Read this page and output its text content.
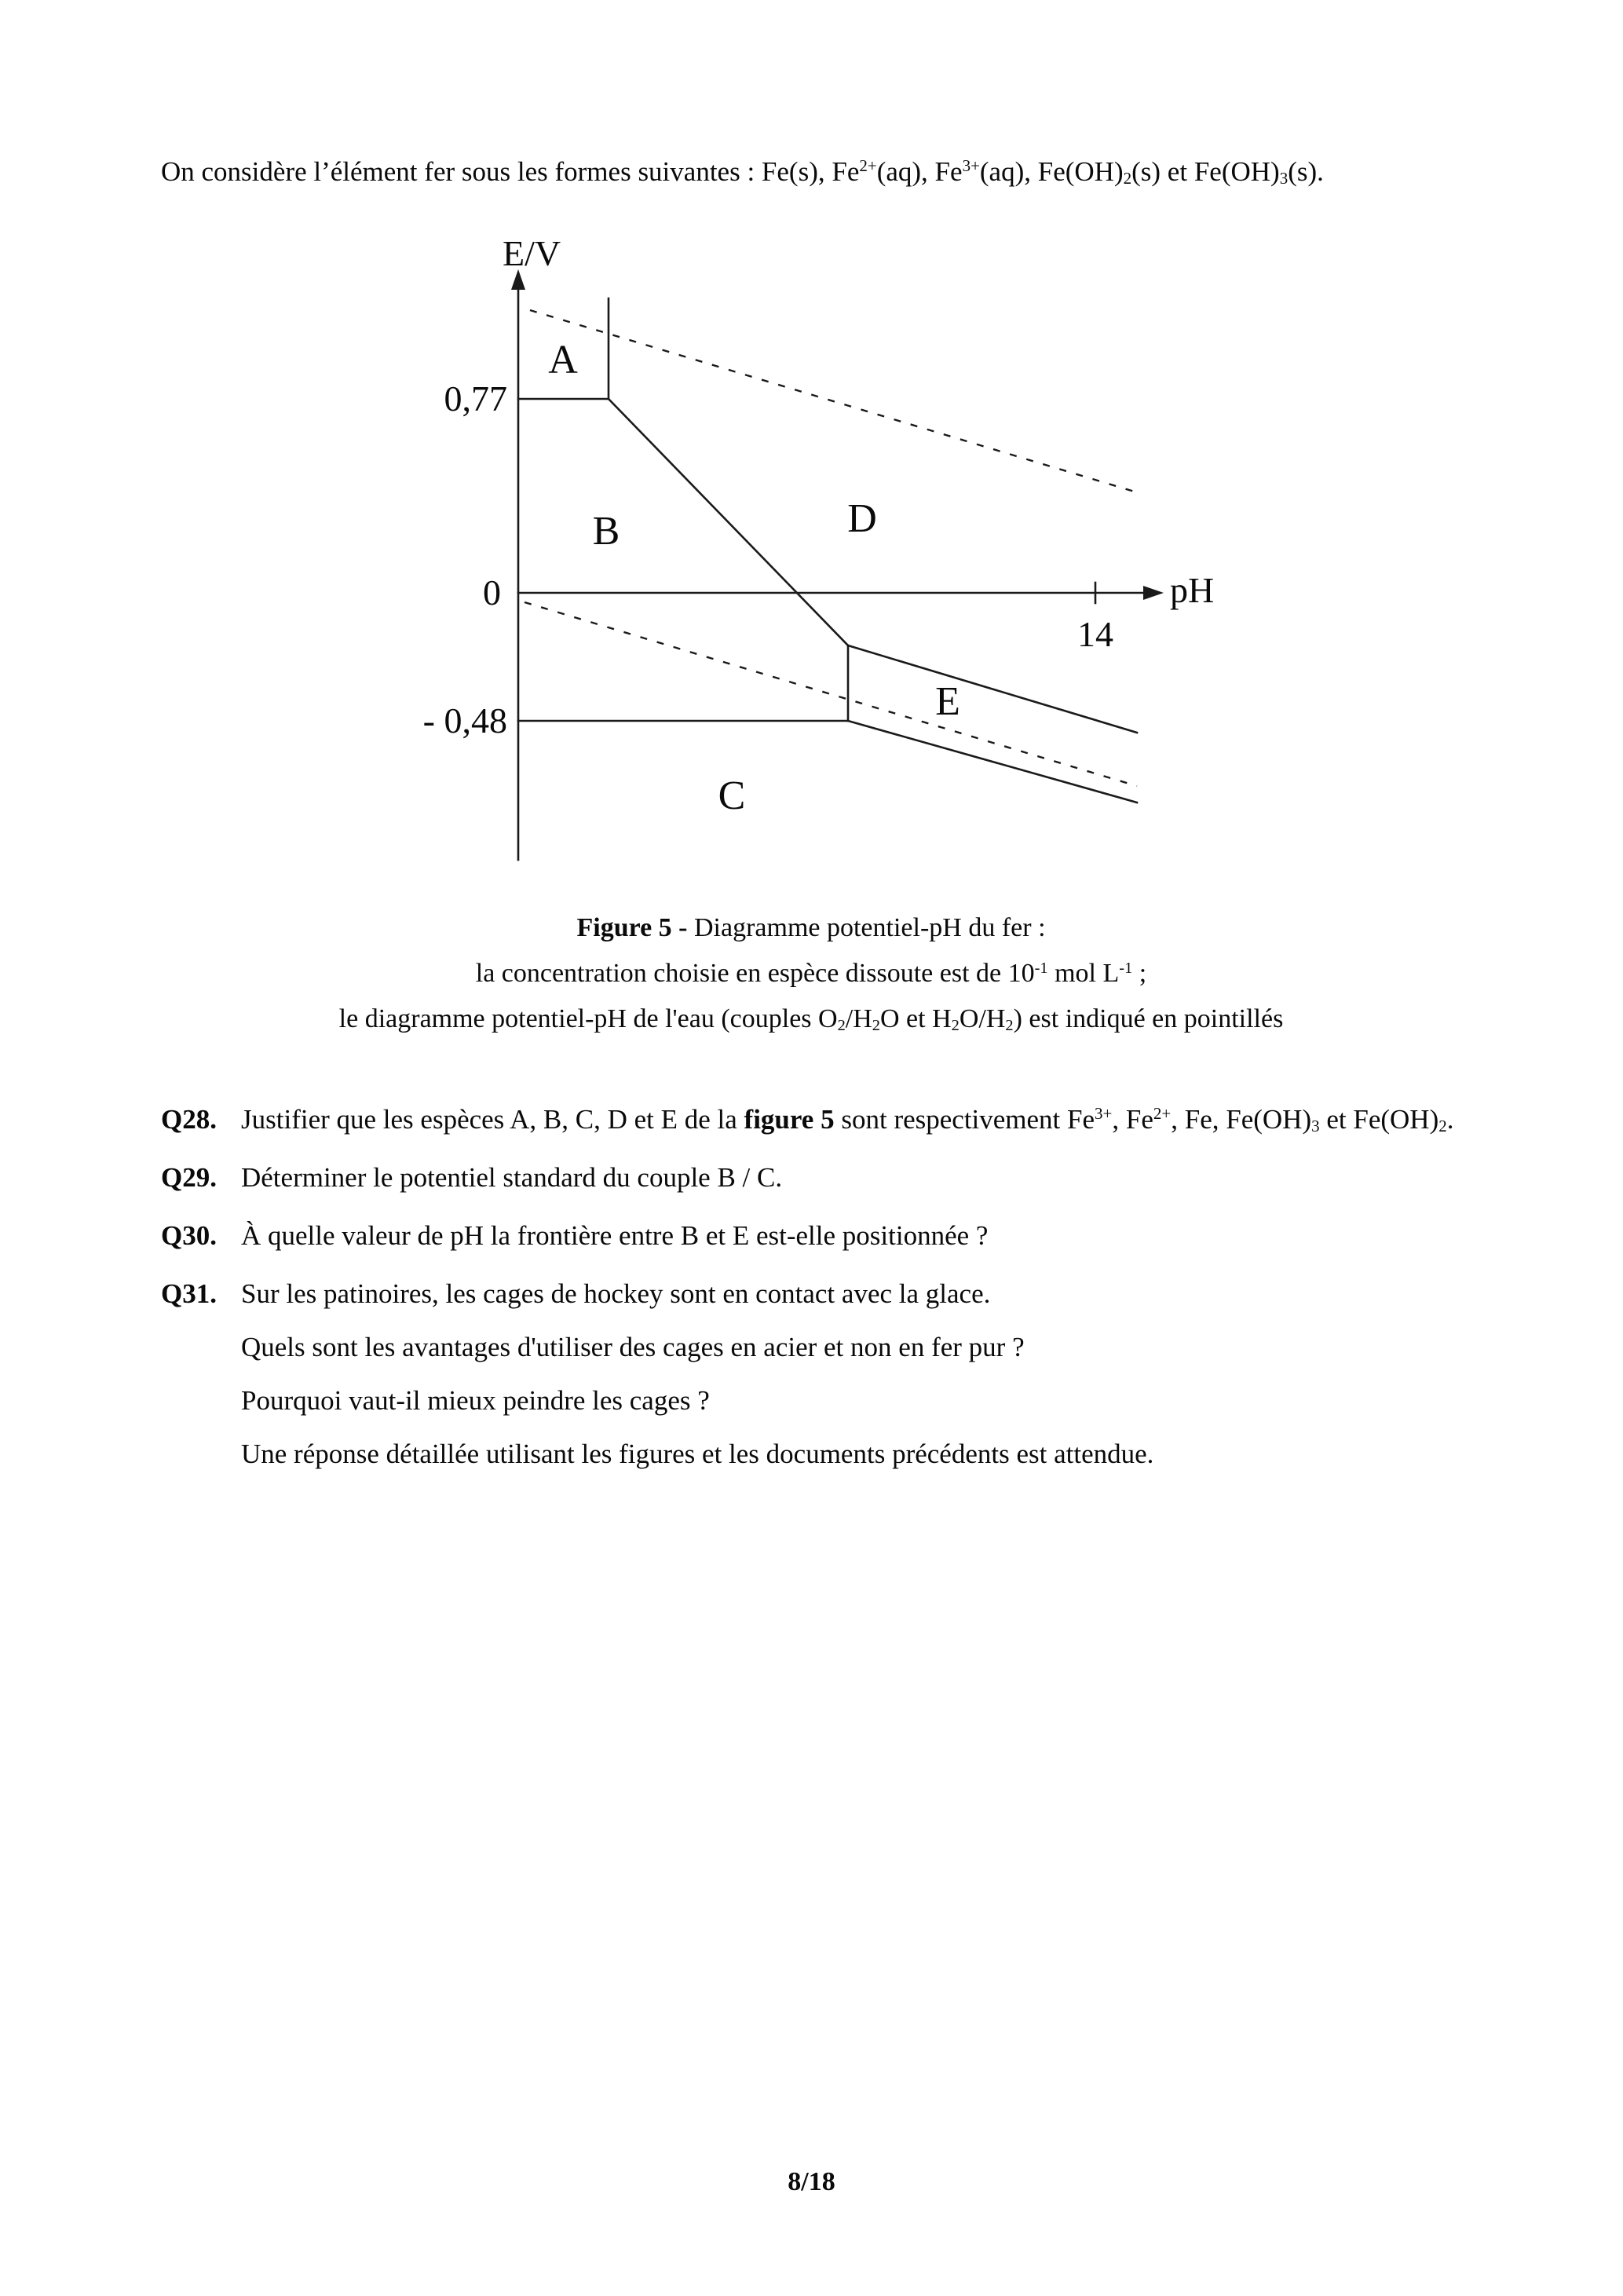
On considère l’élément fer sous les formes suivantes : Fe(s), $Fe^{2+}(aq)$, $Fe^{3+}(aq)$, $Fe(OH)_2(s)$ et $Fe(OH)_3(s)$.

E/V
pH
0,77
0
- 0,48
14
A
B	D
E
C
Figure 5 - Diagramme potentiel-pH du fer :
la concentration choisie en espèce dissoute est de $10^{-1}$ mol $L^{-1}$ ;
le diagramme potentiel-pH de l'eau (couples $O_2/H_2O$ et $H_2O/H_2$) est indiqué en pointillés
Q28. Justifier que les espèces A, B, C, D et E de la figure 5 sont respectivement $Fe^{3+}$, $Fe^{2+}$, Fe, $Fe(OH)_3$ et $Fe(OH)_2$.
Q29. Déterminer le potentiel standard du couple B / C.
Q30. À quelle valeur de pH la frontière entre B et E est-elle positionnée ?
Q31. Sur les patinoires, les cages de hockey sont en contact avec la glace.
Quels sont les avantages d'utiliser des cages en acier et non en fer pur ?
Pourquoi vaut-il mieux peindre les cages ?
Une réponse détaillée utilisant les figures et les documents précédents est attendue.
8/18
